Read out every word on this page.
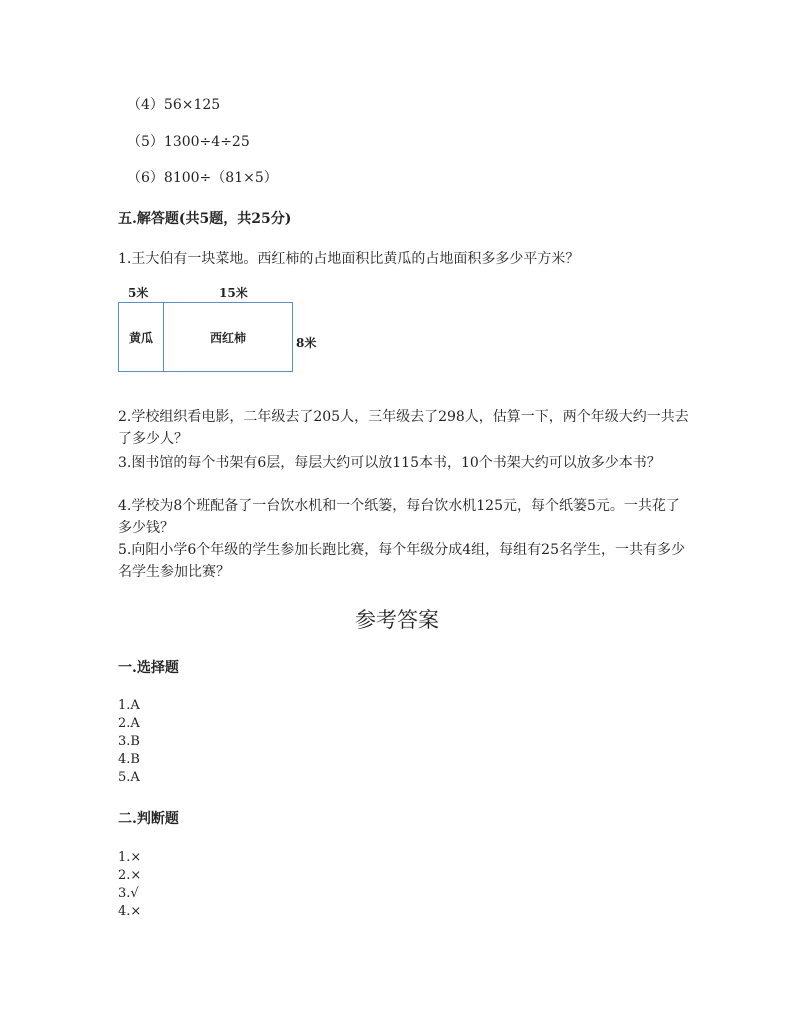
（4）56×125
（5）1300÷4÷25
（6）8100÷（81×5）
五.解答题(共5题，共25分)
1.王大伯有一块菜地。西红柿的占地面积比黄瓜的占地面积多多少平方米？
5米	15米
黄瓜	西红柿	8米
2.学校组织看电影，二年级去了205人，三年级去了298人，估算一下，两个年级大约一共去了多少人？
3.图书馆的每个书架有6层，每层大约可以放115本书，10个书架大约可以放多少本书？
4.学校为8个班配备了一台饮水机和一个纸篓，每台饮水机125元，每个纸篓5元。一共花了多少钱？
5.向阳小学6个年级的学生参加长跑比赛，每个年级分成4组，每组有25名学生，一共有多少名学生参加比赛？
参考答案
一.选择题
1.A
2.A
3.B
4.B
5.A
二.判断题
1.×
2.×
3.√
4.×
